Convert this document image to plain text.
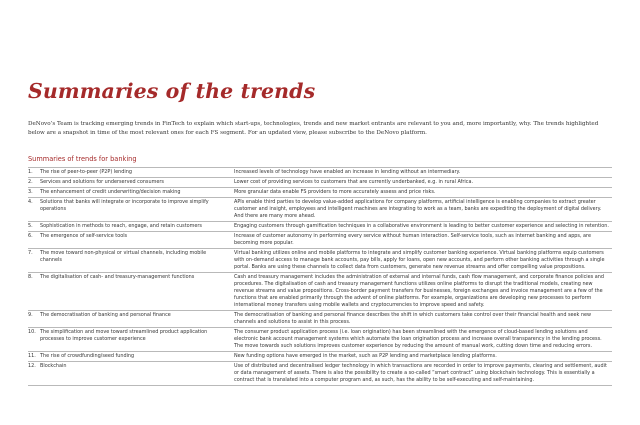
Summaries of the trends

DeNovo’s Team is tracking emerging trends in FinTech to explain which start-ups, technologies, trends and new market entrants are relevant to you and, more importantly, why. The trends highlighted below are a snapshot in time of the most relevant ones for each FS segment. For an updated view, please subscribe to the DeNovo platform.

Summaries of trends for banking
1.	The rise of peer-to-peer (P2P) lending	Increased levels of technology have enabled an increase in lending without an intermediary.
2.	Services and solutions for underserved consumers	Lower cost of providing services to customers that are currently underbanked, e.g. in rural Africa.
3.	The enhancement of credit underwriting/decision making	More granular data enable FS providers to more accurately assess and price risks.
4.	Solutions that banks will integrate or incorporate to improve simplify operations	APIs enable third parties to develop value-added applications for company platforms, artificial intelligence is enabling companies to extract greater customer and insight, employees and intelligent machines are integrating to work as a team, banks are expediting the deployment of digital delivery. And there are many more ahead.
5.	Sophistication in methods to reach, engage, and retain customers	Engaging customers through gamification techniques in a collaborative environment is leading to better customer experience and selecting in retention.
6.	The emergence of self-service tools	Increase of customer autonomy in performing every service without human interaction. Self-service tools, such as internet banking and apps, are becoming more popular.
7.	The move toward non-physical or virtual channels, including mobile channels	Virtual banking utilizes online and mobile platforms to integrate and simplify customer banking experience. Virtual banking platforms equip customers with on-demand access to manage bank accounts, pay bills, apply for loans, open new accounts, and perform other banking activities through a single portal. Banks are using these channels to collect data from customers, generate new revenue streams and offer compelling value propositions.
8.	The digitalisation of cash- and treasury-management functions	Cash and treasury management includes the administration of external and internal funds, cash flow management, and corporate finance policies and procedures. The digitalisation of cash and treasury management functions utilizes online platforms to disrupt the traditional models, creating new revenue streams and value propositions. Cross-border payment transfers for businesses, foreign exchanges and invoice management are a few of the functions that are enabled primarily through the advent of online platforms. For example, organizations are developing new processes to perform international money transfers using mobile wallets and cryptocurrencies to improve speed and safety.
9.	The democratisation of banking and personal finance	The democratisation of banking and personal finance describes the shift in which customers take control over their financial health and seek new channels and solutions to assist in this process.
10.	The simplification and move toward streamlined product application processes to improve customer experience	The consumer product application process (i.e. loan origination) has been streamlined with the emergence of cloud-based lending solutions and electronic bank account management systems which automate the loan origination process and increase overall transparency in the lending process. The move towards such solutions improves customer experience by reducing the amount of manual work, cutting down time and reducing errors.
11.	The rise of crowdfunding/seed funding	New funding options have emerged in the market, such as P2P lending and marketplace lending platforms.
12.	Blockchain	Use of distributed and decentralised ledger technology in which transactions are recorded in order to improve payments, clearing and settlement, audit or data management of assets. There is also the possibility to create a so-called “smart contract” using blockchain technology. This is essentially a contract that is translated into a computer program and, as such, has the ability to be self-executing and self-maintaining.
